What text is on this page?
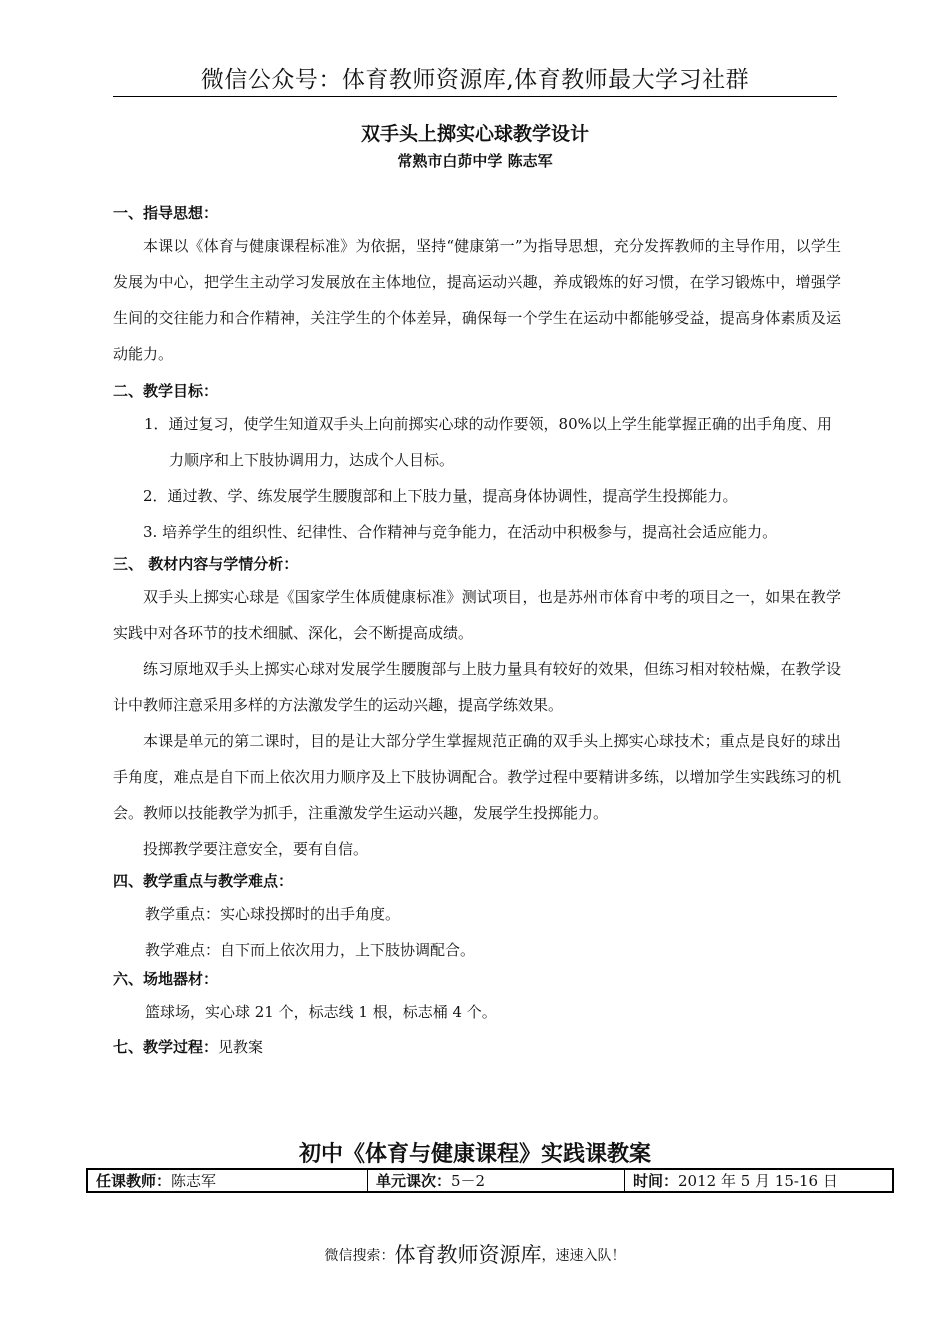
微信公众号：体育教师资源库,体育教师最大学习社群
双手头上掷实心球教学设计
常熟市白茆中学 陈志军
一、指导思想：

本课以《体育与健康课程标准》为依据，坚持“健康第一”为指导思想，充分发挥教师的主导作用，以学生发展为中心，把学生主动学习发展放在主体地位，提高运动兴趣，养成锻炼的好习惯，在学习锻炼中，增强学生间的交往能力和合作精神，关注学生的个体差异，确保每一个学生在运动中都能够受益，提高身体素质及运动能力。

二、教学目标：

1．通过复习，使学生知道双手头上向前掷实心球的动作要领，80%以上学生能掌握正确的出手角度、用力顺序和上下肢协调用力，达成个人目标。

2．通过教、学、练发展学生腰腹部和上下肢力量，提高身体协调性，提高学生投掷能力。

3. 培养学生的组织性、纪律性、合作精神与竞争能力，在活动中积极参与，提高社会适应能力。

三、 教材内容与学情分析：

双手头上掷实心球是《国家学生体质健康标准》测试项目，也是苏州市体育中考的项目之一，如果在教学实践中对各环节的技术细腻、深化，会不断提高成绩。

练习原地双手头上掷实心球对发展学生腰腹部与上肢力量具有较好的效果，但练习相对较枯燥，在教学设计中教师注意采用多样的方法激发学生的运动兴趣，提高学练效果。

本课是单元的第二课时，目的是让大部分学生掌握规范正确的双手头上掷实心球技术；重点是良好的球出手角度，难点是自下而上依次用力顺序及上下肢协调配合。教学过程中要精讲多练，以增加学生实践练习的机会。教师以技能教学为抓手，注重激发学生运动兴趣，发展学生投掷能力。

投掷教学要注意安全，要有自信。

四、教学重点与教学难点：

教学重点：实心球投掷时的出手角度。

教学难点：自下而上依次用力，上下肢协调配合。

六、场地器材：

篮球场，实心球 21 个，标志线 1 根，标志桶 4 个。

七、教学过程：见教案
初中《体育与健康课程》实践课教案
任课教师： 陈志军	单元课次： 5－2	时间： 2012 年 5 月 15-16 日
微信搜索：体育教师资源库，速速入队！
